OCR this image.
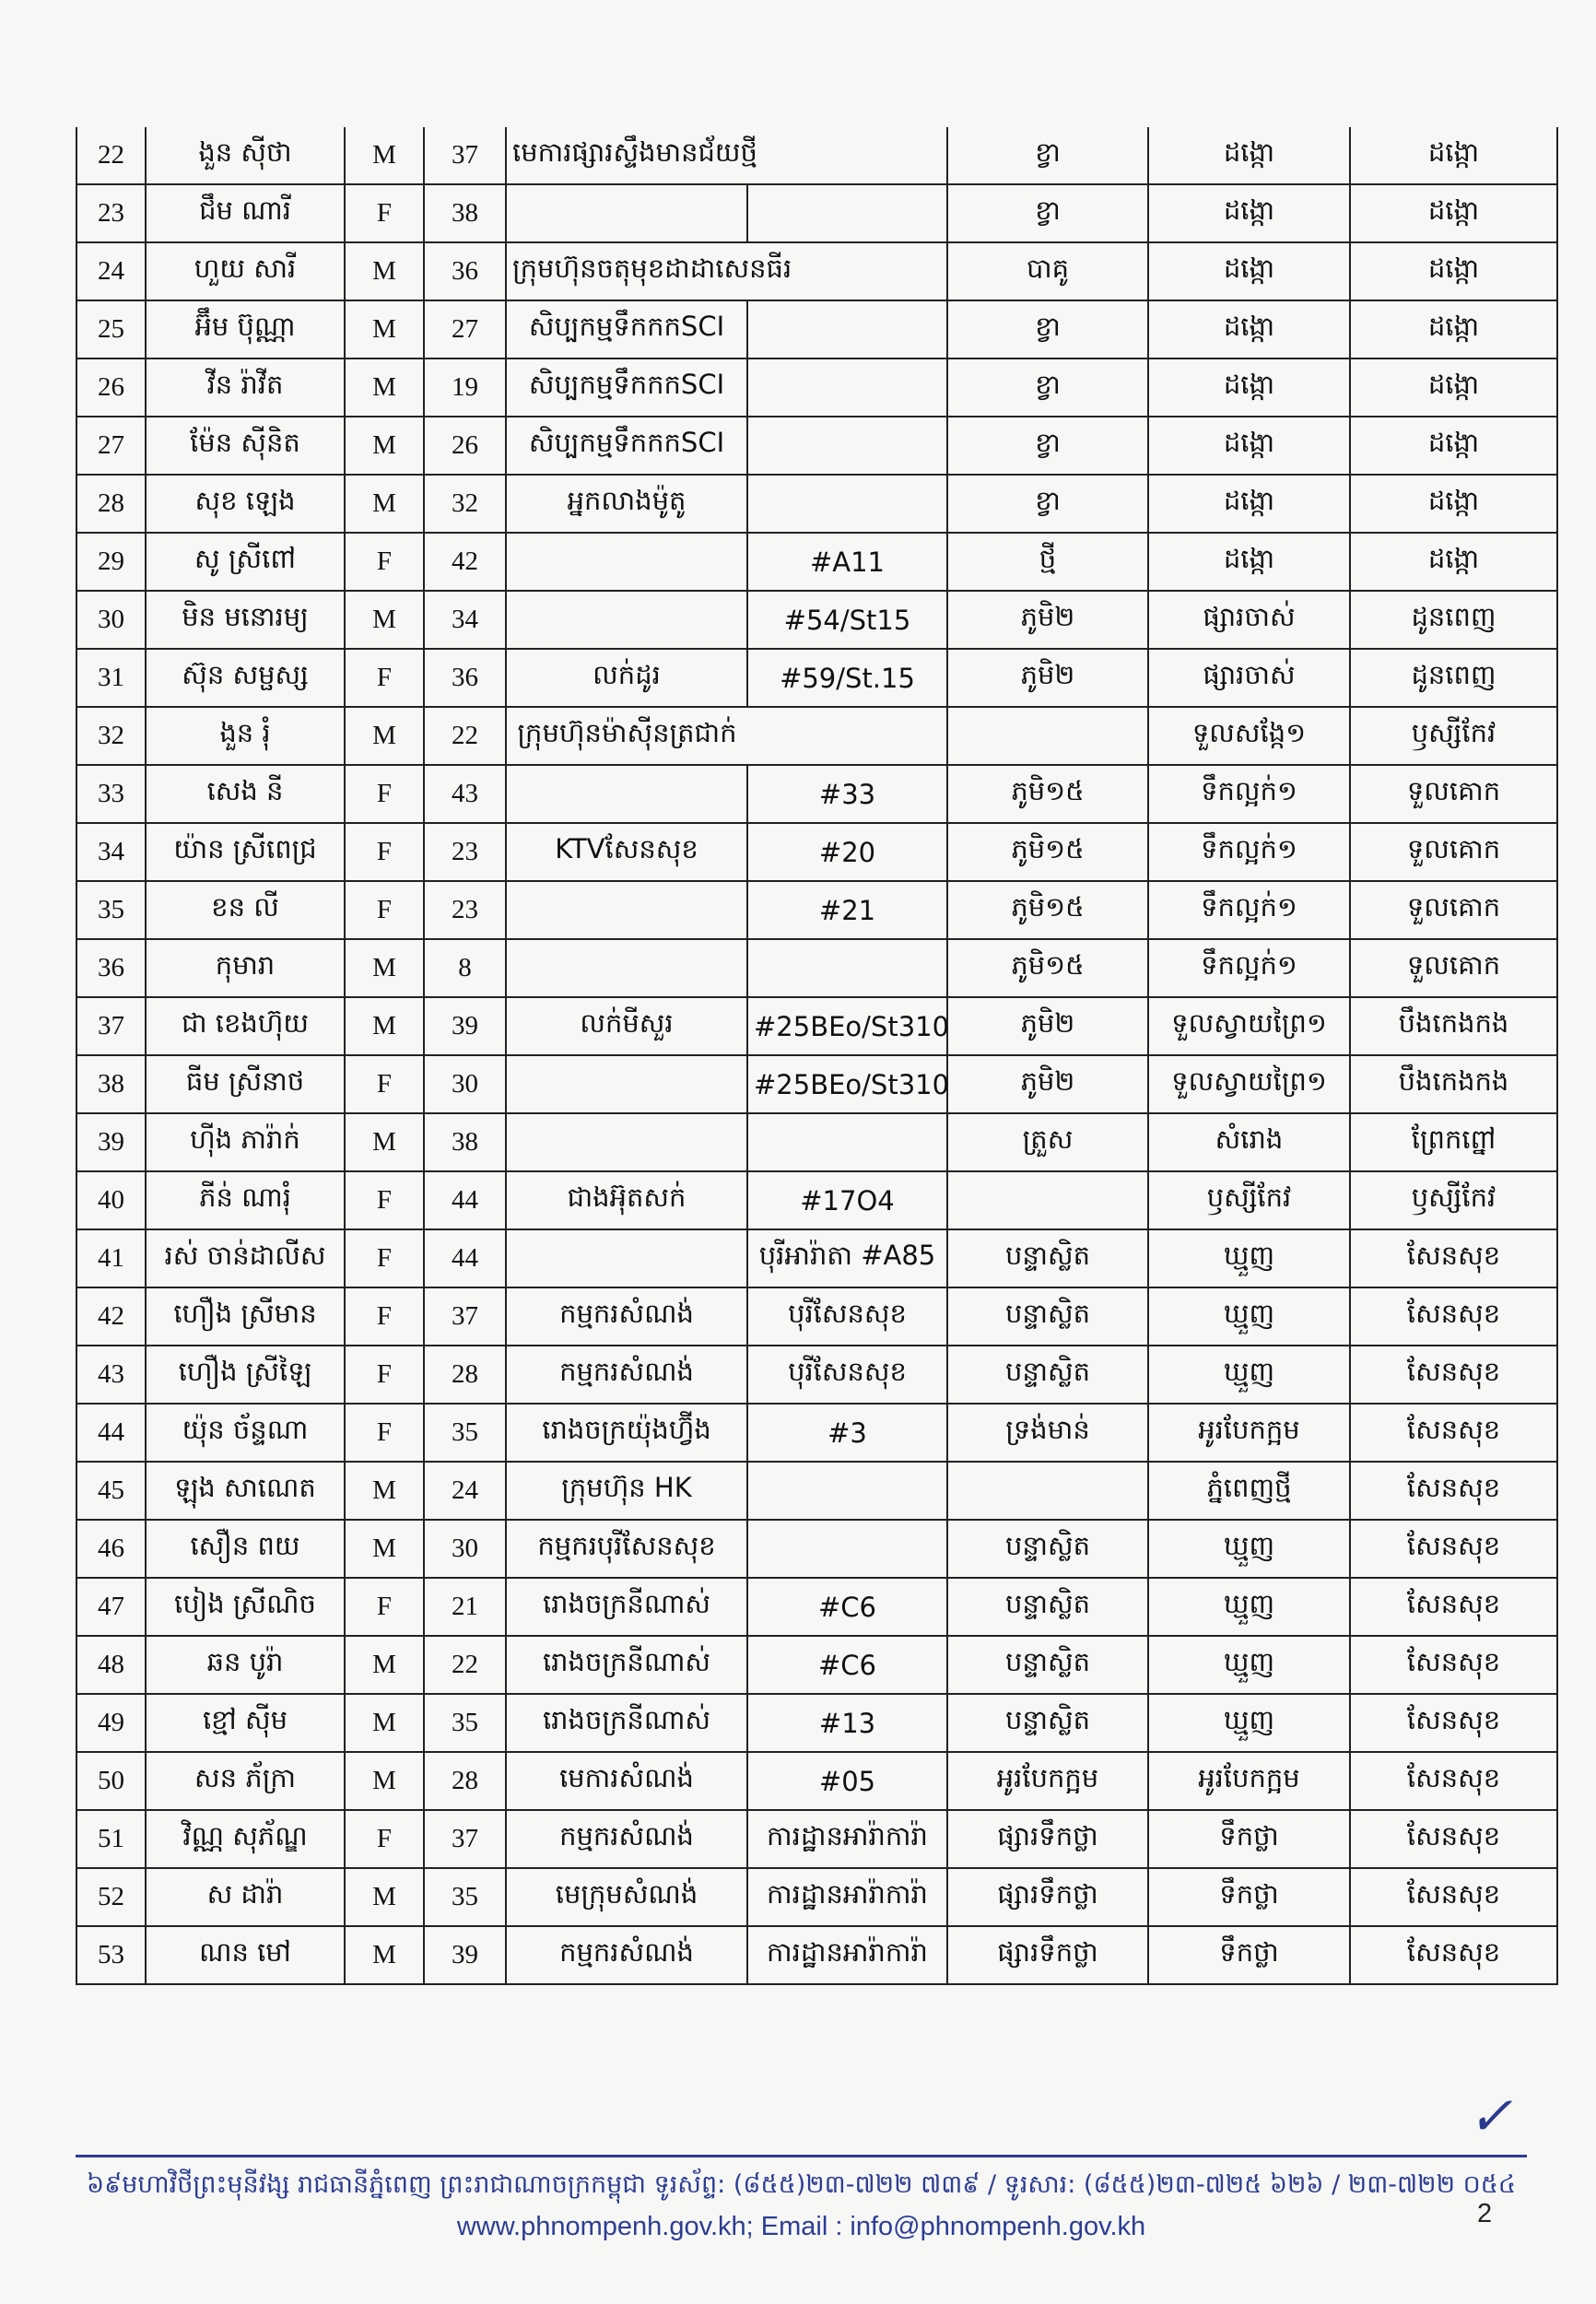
22	ងួន ស៊ីថា	M	37	មេការផ្សារស្ទឹងមានជ័យថ្មី		ខ្វា	ដង្កោ	ដង្កោ
23	ជឹម ណារី	F	38			ខ្វា	ដង្កោ	ដង្កោ
24	ហួយ សារី	M	36	ក្រុមហ៊ុនចតុមុខដាដាសេនធីរ		បាគូ	ដង្កោ	ដង្កោ
25	អ៊ឹម ប៊ុណ្ណា	M	27	សិប្បកម្មទឹកកកSCI		ខ្វា	ដង្កោ	ដង្កោ
26	វីន រ៉ាវីត	M	19	សិប្បកម្មទឹកកកSCI		ខ្វា	ដង្កោ	ដង្កោ
27	ម៉ែន ស៊ីនិត	M	26	សិប្បកម្មទឹកកកSCI		ខ្វា	ដង្កោ	ដង្កោ
28	សុខ ឡេង	M	32	អ្នកលាងម៉ូតូ		ខ្វា	ដង្កោ	ដង្កោ
29	សូ ស្រីពៅ	F	42		#A11	ថ្មី	ដង្កោ	ដង្កោ
30	មិន មនោរម្យ	M	34		#54/St15	ភូមិ២	ផ្សារចាស់	ដូនពេញ
31	ស៊ុន សម្ផស្ស	F	36	លក់ដូរ	#59/St.15	ភូមិ២	ផ្សារចាស់	ដូនពេញ
32	ងួន រុំ	M	22	ក្រុមហ៊ុនម៉ាស៊ីនត្រជាក់			ទួលសង្កែ១	ឫស្សីកែវ
33	សេង នី	F	43		#33	ភូមិ១៥	ទឹកល្អក់១	ទួលគោក
34	យ៉ាន ស្រីពេជ្រ	F	23	KTVសែនសុខ	#20	ភូមិ១៥	ទឹកល្អក់១	ទួលគោក
35	ខន លី	F	23		#21	ភូមិ១៥	ទឹកល្អក់១	ទួលគោក
36	កុមារា	M	8			ភូមិ១៥	ទឹកល្អក់១	ទួលគោក
37	ជា ខេងហ៊ុយ	M	39	លក់មីសួរ	#25BEo/St310	ភូមិ២	ទួលស្វាយព្រៃ១	បឹងកេងកង
38	ធីម ស្រីនាថ	F	30		#25BEo/St310	ភូមិ២	ទួលស្វាយព្រៃ១	បឹងកេងកង
39	ហ៊ីង ភារ៉ាក់	M	38			ត្រួស	សំរោង	ព្រែកព្នៅ
40	ភីន់ ណារុំ	F	44	ជាងអ៊ុតសក់	#17O4		ឫស្សីកែវ	ឫស្សីកែវ
41	រស់ ចាន់ដាលីស	F	44		បុរីអារ៉ាតា #A85	បន្ទាស្លិត	ឃ្មួញ	សែនសុខ
42	ហឿង ស្រីមាន	F	37	កម្មករសំណង់	បុរីសែនសុខ	បន្ទាស្លិត	ឃ្មួញ	សែនសុខ
43	ហឿង ស្រីឡៃ	F	28	កម្មករសំណង់	បុរីសែនសុខ	បន្ទាស្លិត	ឃ្មួញ	សែនសុខ
44	យ៉ុន ច័ន្ទណា	F	35	រោងចក្រយ៉ុងហ្វ៊ីង	#3	ទ្រង់មាន់	អូរបែកក្អម	សែនសុខ
45	ឡុង សាណេត	M	24	ក្រុមហ៊ុន HK			ភ្នំពេញថ្មី	សែនសុខ
46	សឿន ពយ	M	30	កម្មករបុរីសែនសុខ		បន្ទាស្លិត	ឃ្មួញ	សែនសុខ
47	បៀង ស្រីណិច	F	21	រោងចក្រនីណាស់	#C6	បន្ទាស្លិត	ឃ្មួញ	សែនសុខ
48	ឆន បូរ៉ា	M	22	រោងចក្រនីណាស់	#C6	បន្ទាស្លិត	ឃ្មួញ	សែនសុខ
49	ខ្មៅ ស៊ីម	M	35	រោងចក្រនីណាស់	#13	បន្ទាស្លិត	ឃ្មួញ	សែនសុខ
50	សន ភ័ក្រា	M	28	មេការសំណង់	#05	អូរបែកក្អម	អូរបែកក្អម	សែនសុខ
51	វិណ្ណ សុភ័ណ្ឌ	F	37	កម្មករសំណង់	ការដ្ឋានអារ៉ាការ៉ា	ផ្សារទឹកថ្លា	ទឹកថ្លា	សែនសុខ
52	ស ដារ៉ា	M	35	មេក្រុមសំណង់	ការដ្ឋានអារ៉ាការ៉ា	ផ្សារទឹកថ្លា	ទឹកថ្លា	សែនសុខ
53	ណន មៅ	M	39	កម្មករសំណង់	ការដ្ឋានអារ៉ាការ៉ា	ផ្សារទឹកថ្លា	ទឹកថ្លា	សែនសុខ
✓
៦៩មហាវិថីព្រះមុនីវង្ស រាជធានីភ្នំពេញ ព្រះរាជាណាចក្រកម្ពុជា ទូរស័ព្ទ: (៨៥៥)២៣-៧២២ ៧៣៩ / ទូរសារ: (៨៥៥)២៣-៧២៥ ៦២៦ / ២៣-៧២២ ០៥៤
www.phnompenh.gov.kh; Email : info@phnompenh.gov.kh	2
